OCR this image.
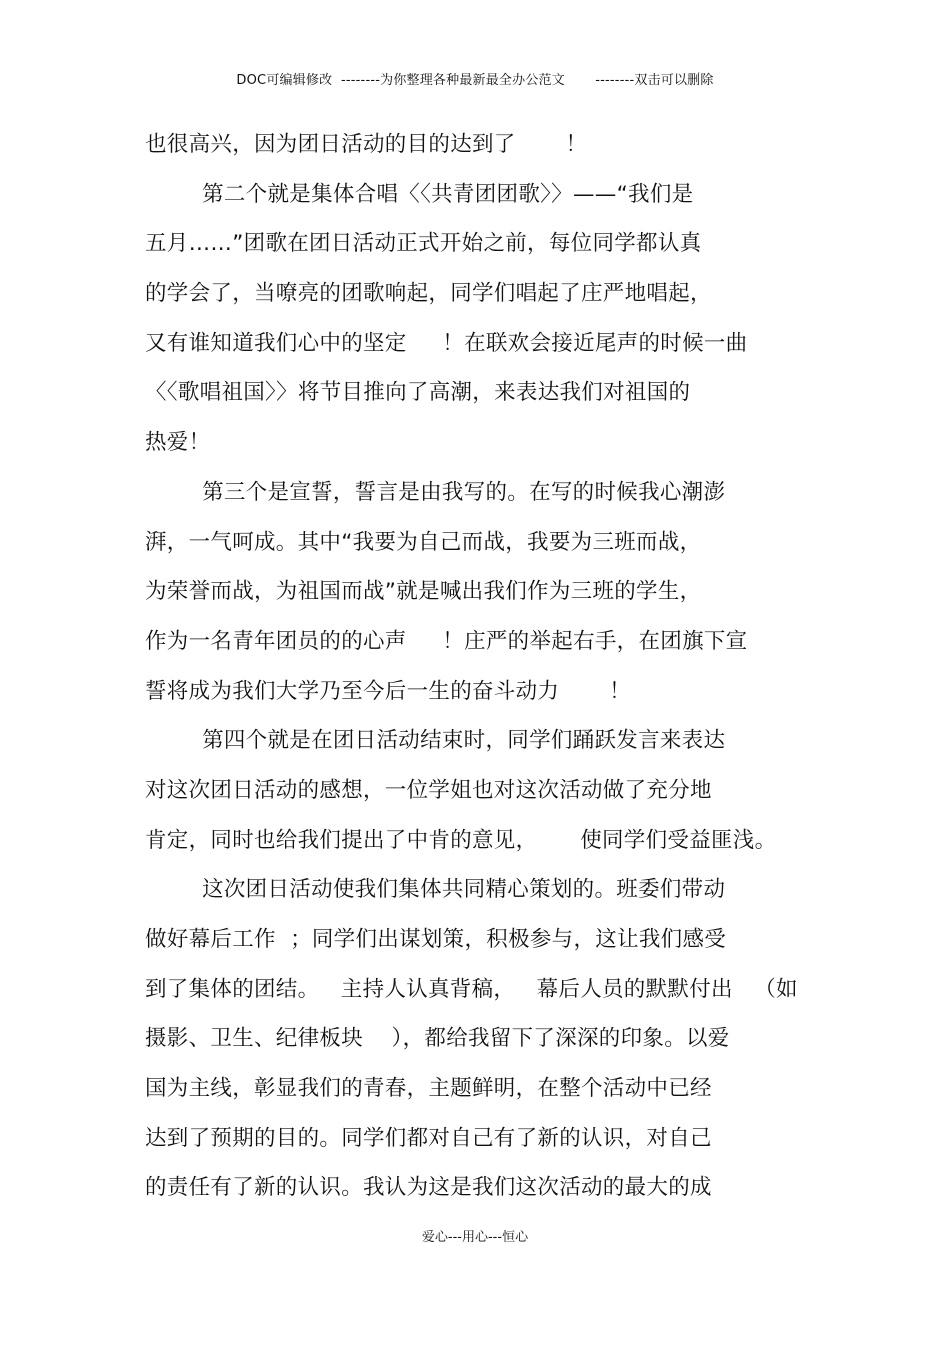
DOC可编辑修改  --------为你整理各种最新最全办公范文       --------双击可以删除
也很高兴，因为团日活动的目的达到了       ！
第二个就是集体合唱〈〈共青团团歌〉〉——“我们是
五月……”团歌在团日活动正式开始之前，每位同学都认真
的学会了，当嘹亮的团歌响起，同学们唱起了庄严地唱起，
又有谁知道我们心中的坚定     ！在联欢会接近尾声的时候一曲
〈〈歌唱祖国〉〉将节目推向了高潮，来表达我们对祖国的
热爱！
第三个是宣誓，誓言是由我写的。在写的时候我心潮澎
湃，一气呵成。其中“我要为自己而战，我要为三班而战，
为荣誉而战，为祖国而战”就是喊出我们作为三班的学生，
作为一名青年团员的的心声     ！庄严的举起右手，在团旗下宣
誓将成为我们大学乃至今后一生的奋斗动力       ！
第四个就是在团日活动结束时，同学们踊跃发言来表达
对这次团日活动的感想，一位学姐也对这次活动做了充分地
肯定，同时也给我们提出了中肯的意见，      使同学们受益匪浅。
这次团日活动使我们集体共同精心策划的。班委们带动
做好幕后工作  ；同学们出谋划策，积极参与，这让我们感受
到了集体的团结。   主持人认真背稿，   幕后人员的默默付出   （如
摄影、卫生、纪律板块    ），都给我留下了深深的印象。以爱
国为主线，彰显我们的青春，主题鲜明，在整个活动中已经
达到了预期的目的。同学们都对自己有了新的认识，对自己
的责任有了新的认识。我认为这是我们这次活动的最大的成
爱心---用心---恒心
